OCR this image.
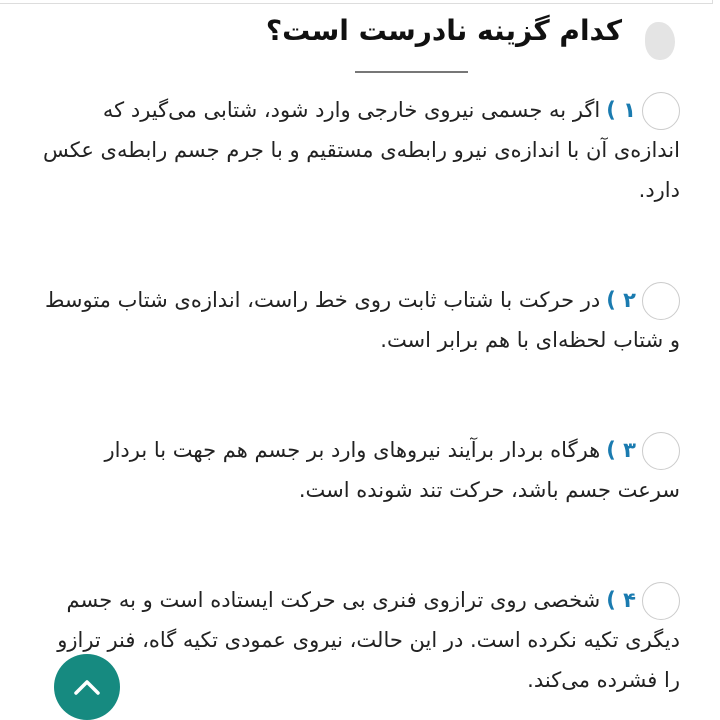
کدام گزینه نادرست است؟
۱ )اگر به جسمی نیروی خارجی وارد شود، شتابی می‌گیرد که اندازه‌ی آن با اندازه‌ی نیرو رابطه‌ی مستقیم و با جرم جسم رابطه‌ی عکس دارد.
۲ )در حرکت با شتاب ثابت روی خط راست، اندازه‌ی شتاب متوسط و شتاب لحظه‌ای با هم برابر است.
۳ )هرگاه بردار برآیند نیروهای وارد بر جسم هم جهت با بردار سرعت جسم باشد، حرکت تند شونده است.
۴ )شخصی روی ترازوی فنری بی حرکت ایستاده است و به جسم دیگری تکیه نکرده است. در این حالت، نیروی عمودی تکیه گاه، فنر ترازو را فشرده می‌کند.
